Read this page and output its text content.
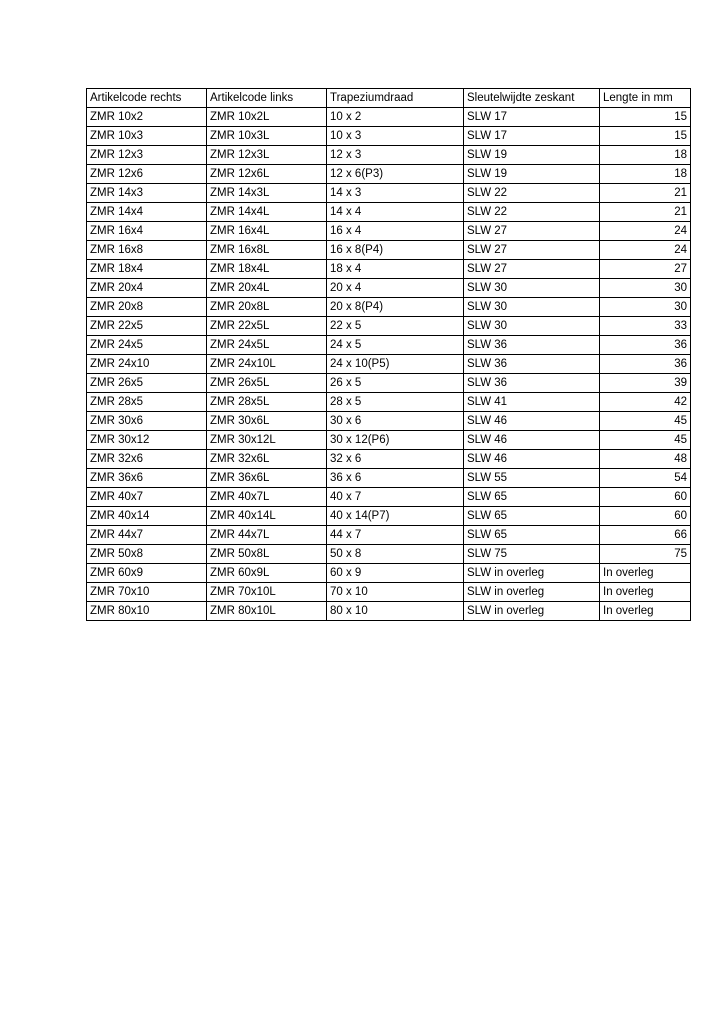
Artikelcode rechts	Artikelcode links	Trapeziumdraad	Sleutelwijdte zeskant	Lengte in mm
ZMR 10x2	ZMR 10x2L	10 x 2	SLW 17	15
ZMR 10x3	ZMR 10x3L	10 x 3	SLW 17	15
ZMR 12x3	ZMR 12x3L	12 x 3	SLW 19	18
ZMR 12x6	ZMR 12x6L	12 x 6(P3)	SLW 19	18
ZMR 14x3	ZMR 14x3L	14 x 3	SLW 22	21
ZMR 14x4	ZMR 14x4L	14 x 4	SLW 22	21
ZMR 16x4	ZMR 16x4L	16 x 4	SLW 27	24
ZMR 16x8	ZMR 16x8L	16 x 8(P4)	SLW 27	24
ZMR 18x4	ZMR 18x4L	18 x 4	SLW 27	27
ZMR 20x4	ZMR 20x4L	20 x 4	SLW 30	30
ZMR 20x8	ZMR 20x8L	20 x 8(P4)	SLW 30	30
ZMR 22x5	ZMR 22x5L	22 x 5	SLW 30	33
ZMR 24x5	ZMR 24x5L	24 x 5	SLW 36	36
ZMR 24x10	ZMR 24x10L	24 x 10(P5)	SLW 36	36
ZMR 26x5	ZMR 26x5L	26 x 5	SLW 36	39
ZMR 28x5	ZMR 28x5L	28 x 5	SLW 41	42
ZMR 30x6	ZMR 30x6L	30 x 6	SLW 46	45
ZMR 30x12	ZMR 30x12L	30 x 12(P6)	SLW 46	45
ZMR 32x6	ZMR 32x6L	32 x 6	SLW 46	48
ZMR 36x6	ZMR 36x6L	36 x 6	SLW 55	54
ZMR 40x7	ZMR 40x7L	40 x 7	SLW 65	60
ZMR 40x14	ZMR 40x14L	40 x 14(P7)	SLW 65	60
ZMR 44x7	ZMR 44x7L	44 x 7	SLW 65	66
ZMR 50x8	ZMR 50x8L	50 x 8	SLW 75	75
ZMR 60x9	ZMR 60x9L	60 x 9	SLW in overleg	In overleg
ZMR 70x10	ZMR 70x10L	70 x 10	SLW in overleg	In overleg
ZMR 80x10	ZMR 80x10L	80 x 10	SLW in overleg	In overleg
